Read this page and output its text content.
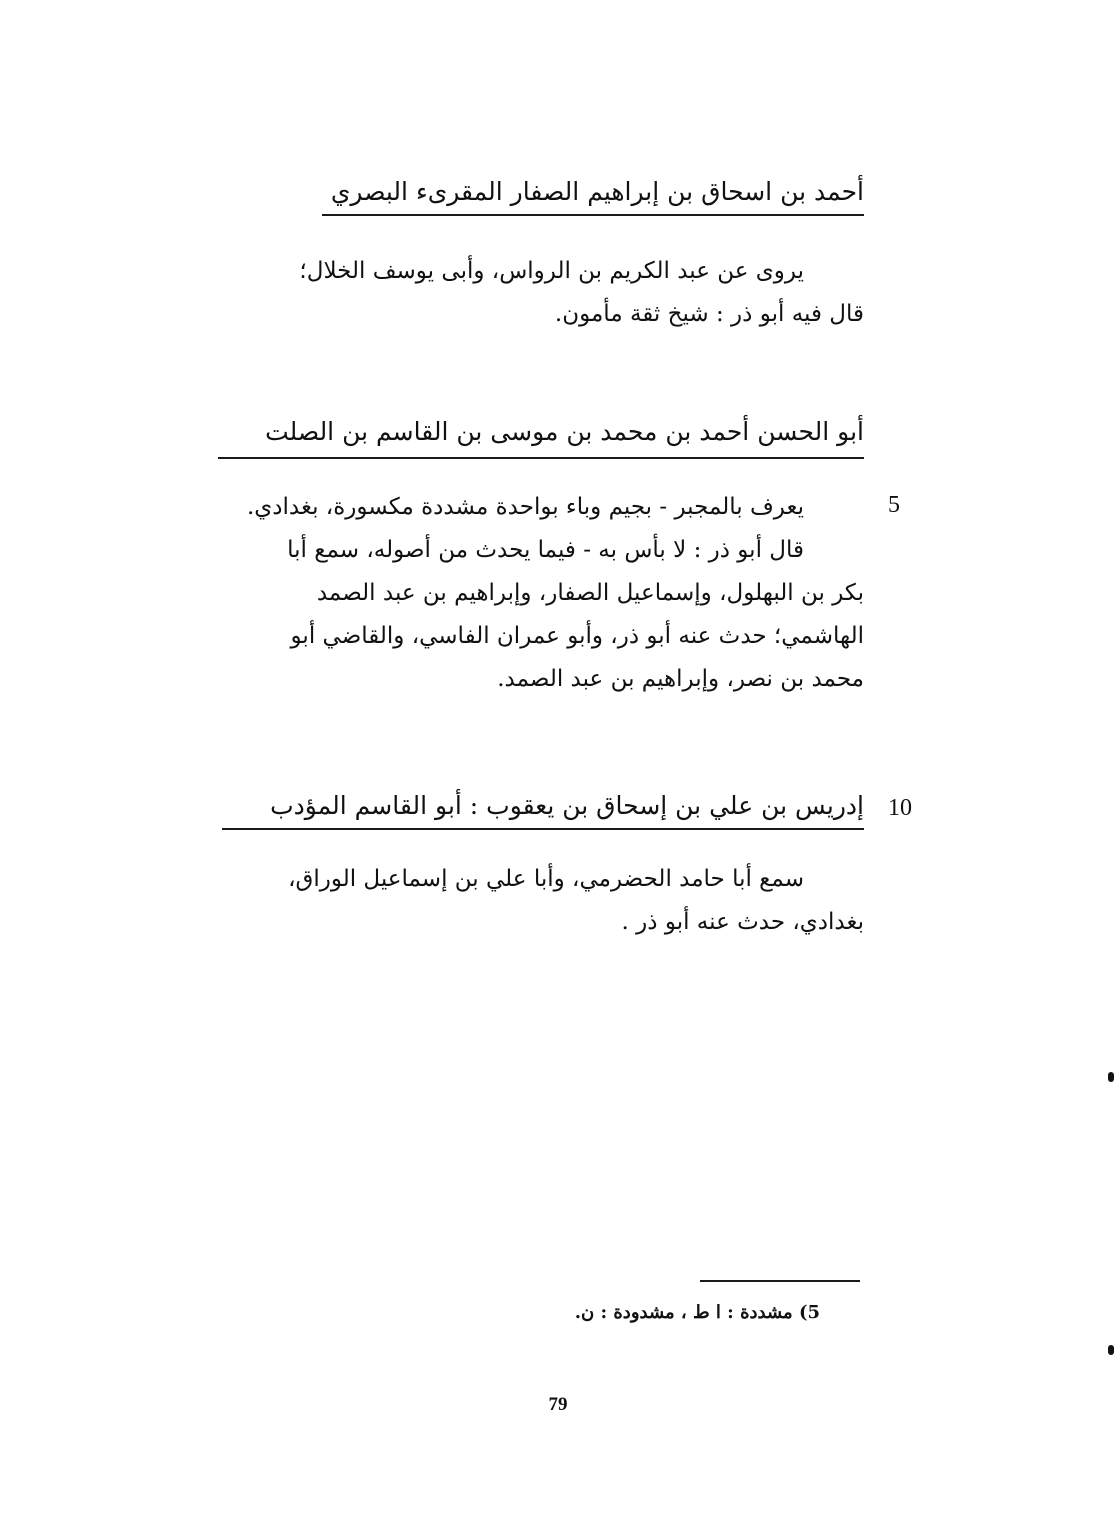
أحمد بن اسحاق بن إبراهيم الصفار المقرىء البصري
يروى عن عبد الكريم بن الرواس، وأبى يوسف الخلال؛
قال فيه أبو ذر : شيخ ثقة مأمون.
أبو الحسن أحمد بن محمد بن موسى بن القاسم بن الصلت
5
يعرف بالمجبر - بجيم وباء بواحدة مشددة مكسورة، بغدادي.
قال أبو ذر : لا بأس به - فيما يحدث من أصوله، سمع أبا
بكر بن البهلول، وإسماعيل الصفار، وإبراهيم بن عبد الصمد
الهاشمي؛ حدث عنه أبو ذر، وأبو عمران الفاسي، والقاضي أبو
محمد بن نصر، وإبراهيم بن عبد الصمد.
إدريس بن علي بن إسحاق بن يعقوب : أبو القاسم المؤدب 10
سمع أبا حامد الحضرمي، وأبا علي بن إسماعيل الوراق،
بغدادي، حدث عنه أبو ذر .
5) مشددة : ا ط ، مشدودة : ن.
79
